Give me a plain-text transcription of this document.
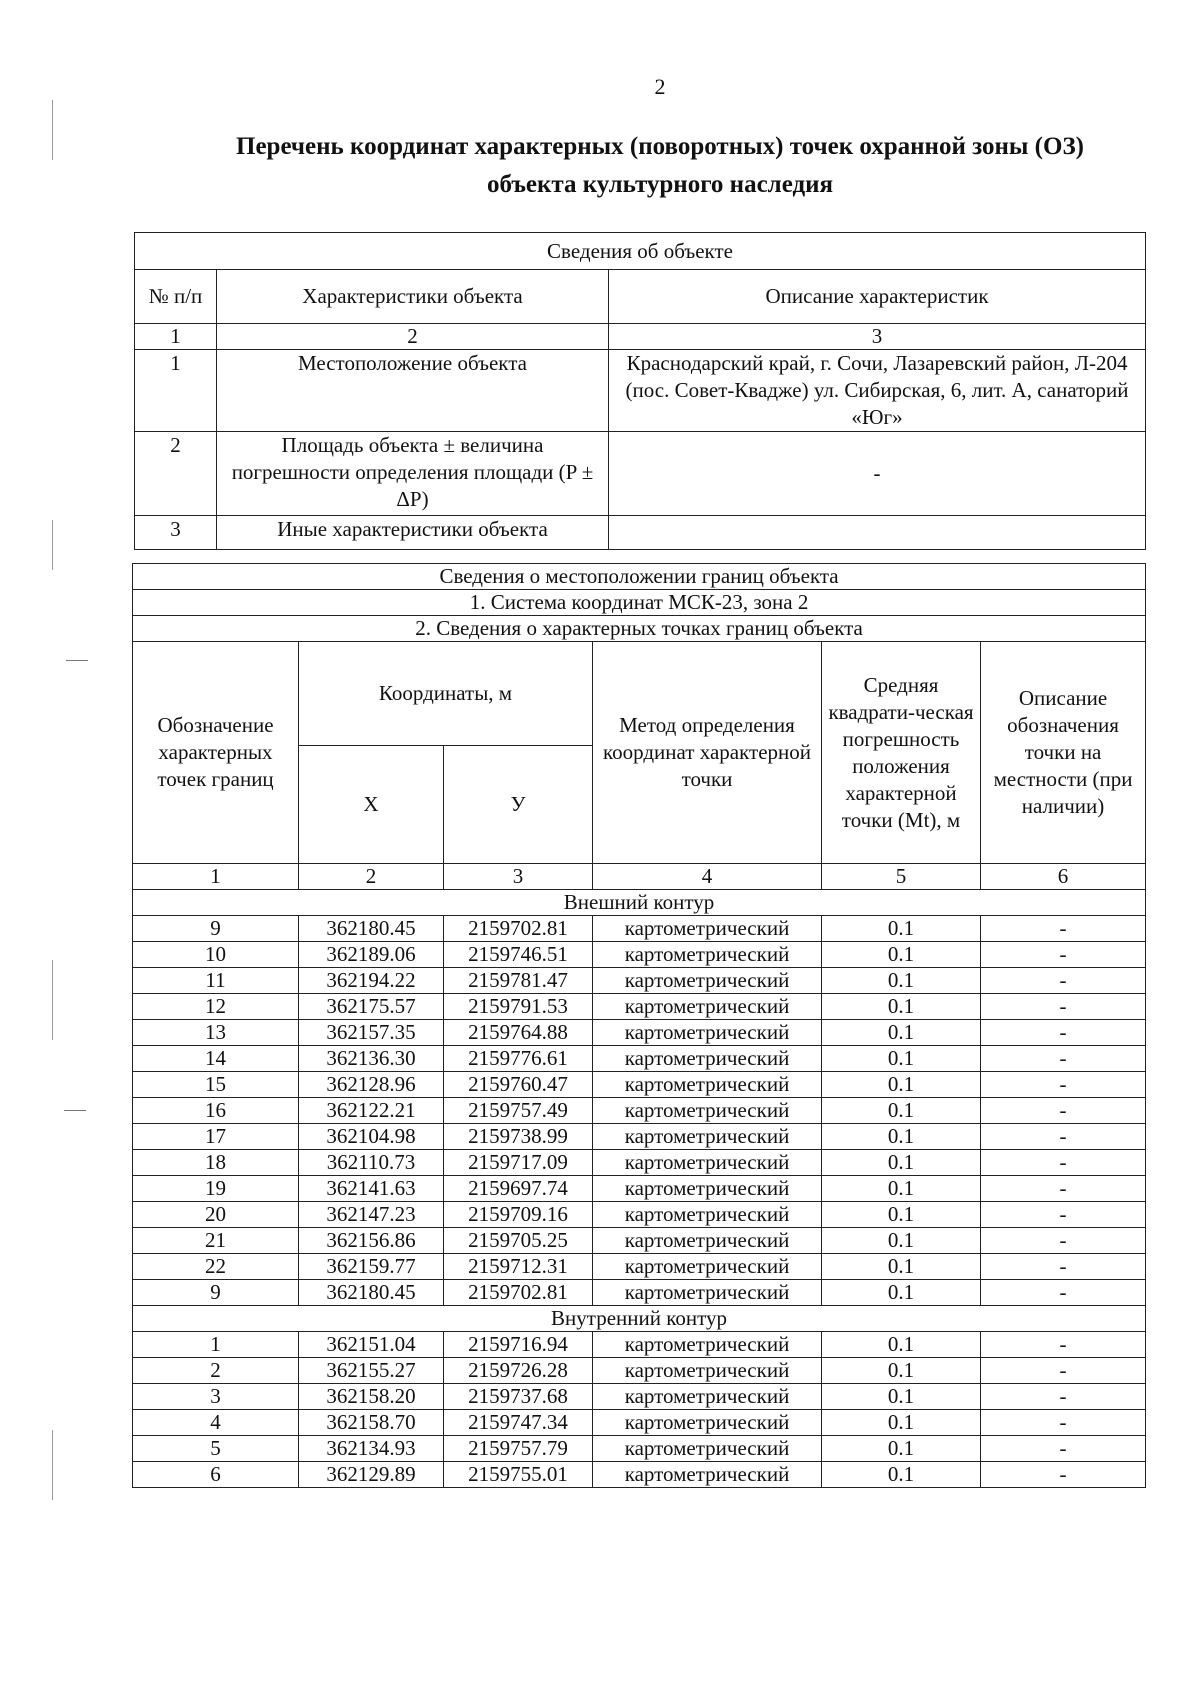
2
Перечень координат характерных (поворотных) точек охранной зоны (ОЗ)
объекта культурного наследия
Сведения об объекте		
№ п/п	Характеристики объекта	Описание характеристик
1	2	3
1	Местоположение объекта	Краснодарский край, г. Сочи, Лазаревский район, Л-204 (пос. Совет-Квадже) ул. Сибирская, 6, лит. А, санаторий «Юг»
2	Площадь объекта ± величина погрешности определения площади (P ± ΔP)	-
3	Иные характеристики объекта	
Сведения о местоположении границ объекта					
1. Система координат МСК-23, зона 2					
2. Сведения о характерных точках границ объекта					
Обозначение характерных точек границ	Координаты, м		Метод определения координат характерной точки	Средняя квадрати-ческая погрешность положения характерной точки (Mt), м	Описание обозначения точки на местности (при наличии)
	X	У			
1	2	3	4	5	6
Внешний контур					
9	362180.45	2159702.81	картометрический	0.1	-
10	362189.06	2159746.51	картометрический	0.1	-
11	362194.22	2159781.47	картометрический	0.1	-
12	362175.57	2159791.53	картометрический	0.1	-
13	362157.35	2159764.88	картометрический	0.1	-
14	362136.30	2159776.61	картометрический	0.1	-
15	362128.96	2159760.47	картометрический	0.1	-
16	362122.21	2159757.49	картометрический	0.1	-
17	362104.98	2159738.99	картометрический	0.1	-
18	362110.73	2159717.09	картометрический	0.1	-
19	362141.63	2159697.74	картометрический	0.1	-
20	362147.23	2159709.16	картометрический	0.1	-
21	362156.86	2159705.25	картометрический	0.1	-
22	362159.77	2159712.31	картометрический	0.1	-
9	362180.45	2159702.81	картометрический	0.1	-
Внутренний контур					
1	362151.04	2159716.94	картометрический	0.1	-
2	362155.27	2159726.28	картометрический	0.1	-
3	362158.20	2159737.68	картометрический	0.1	-
4	362158.70	2159747.34	картометрический	0.1	-
5	362134.93	2159757.79	картометрический	0.1	-
6	362129.89	2159755.01	картометрический	0.1	-
